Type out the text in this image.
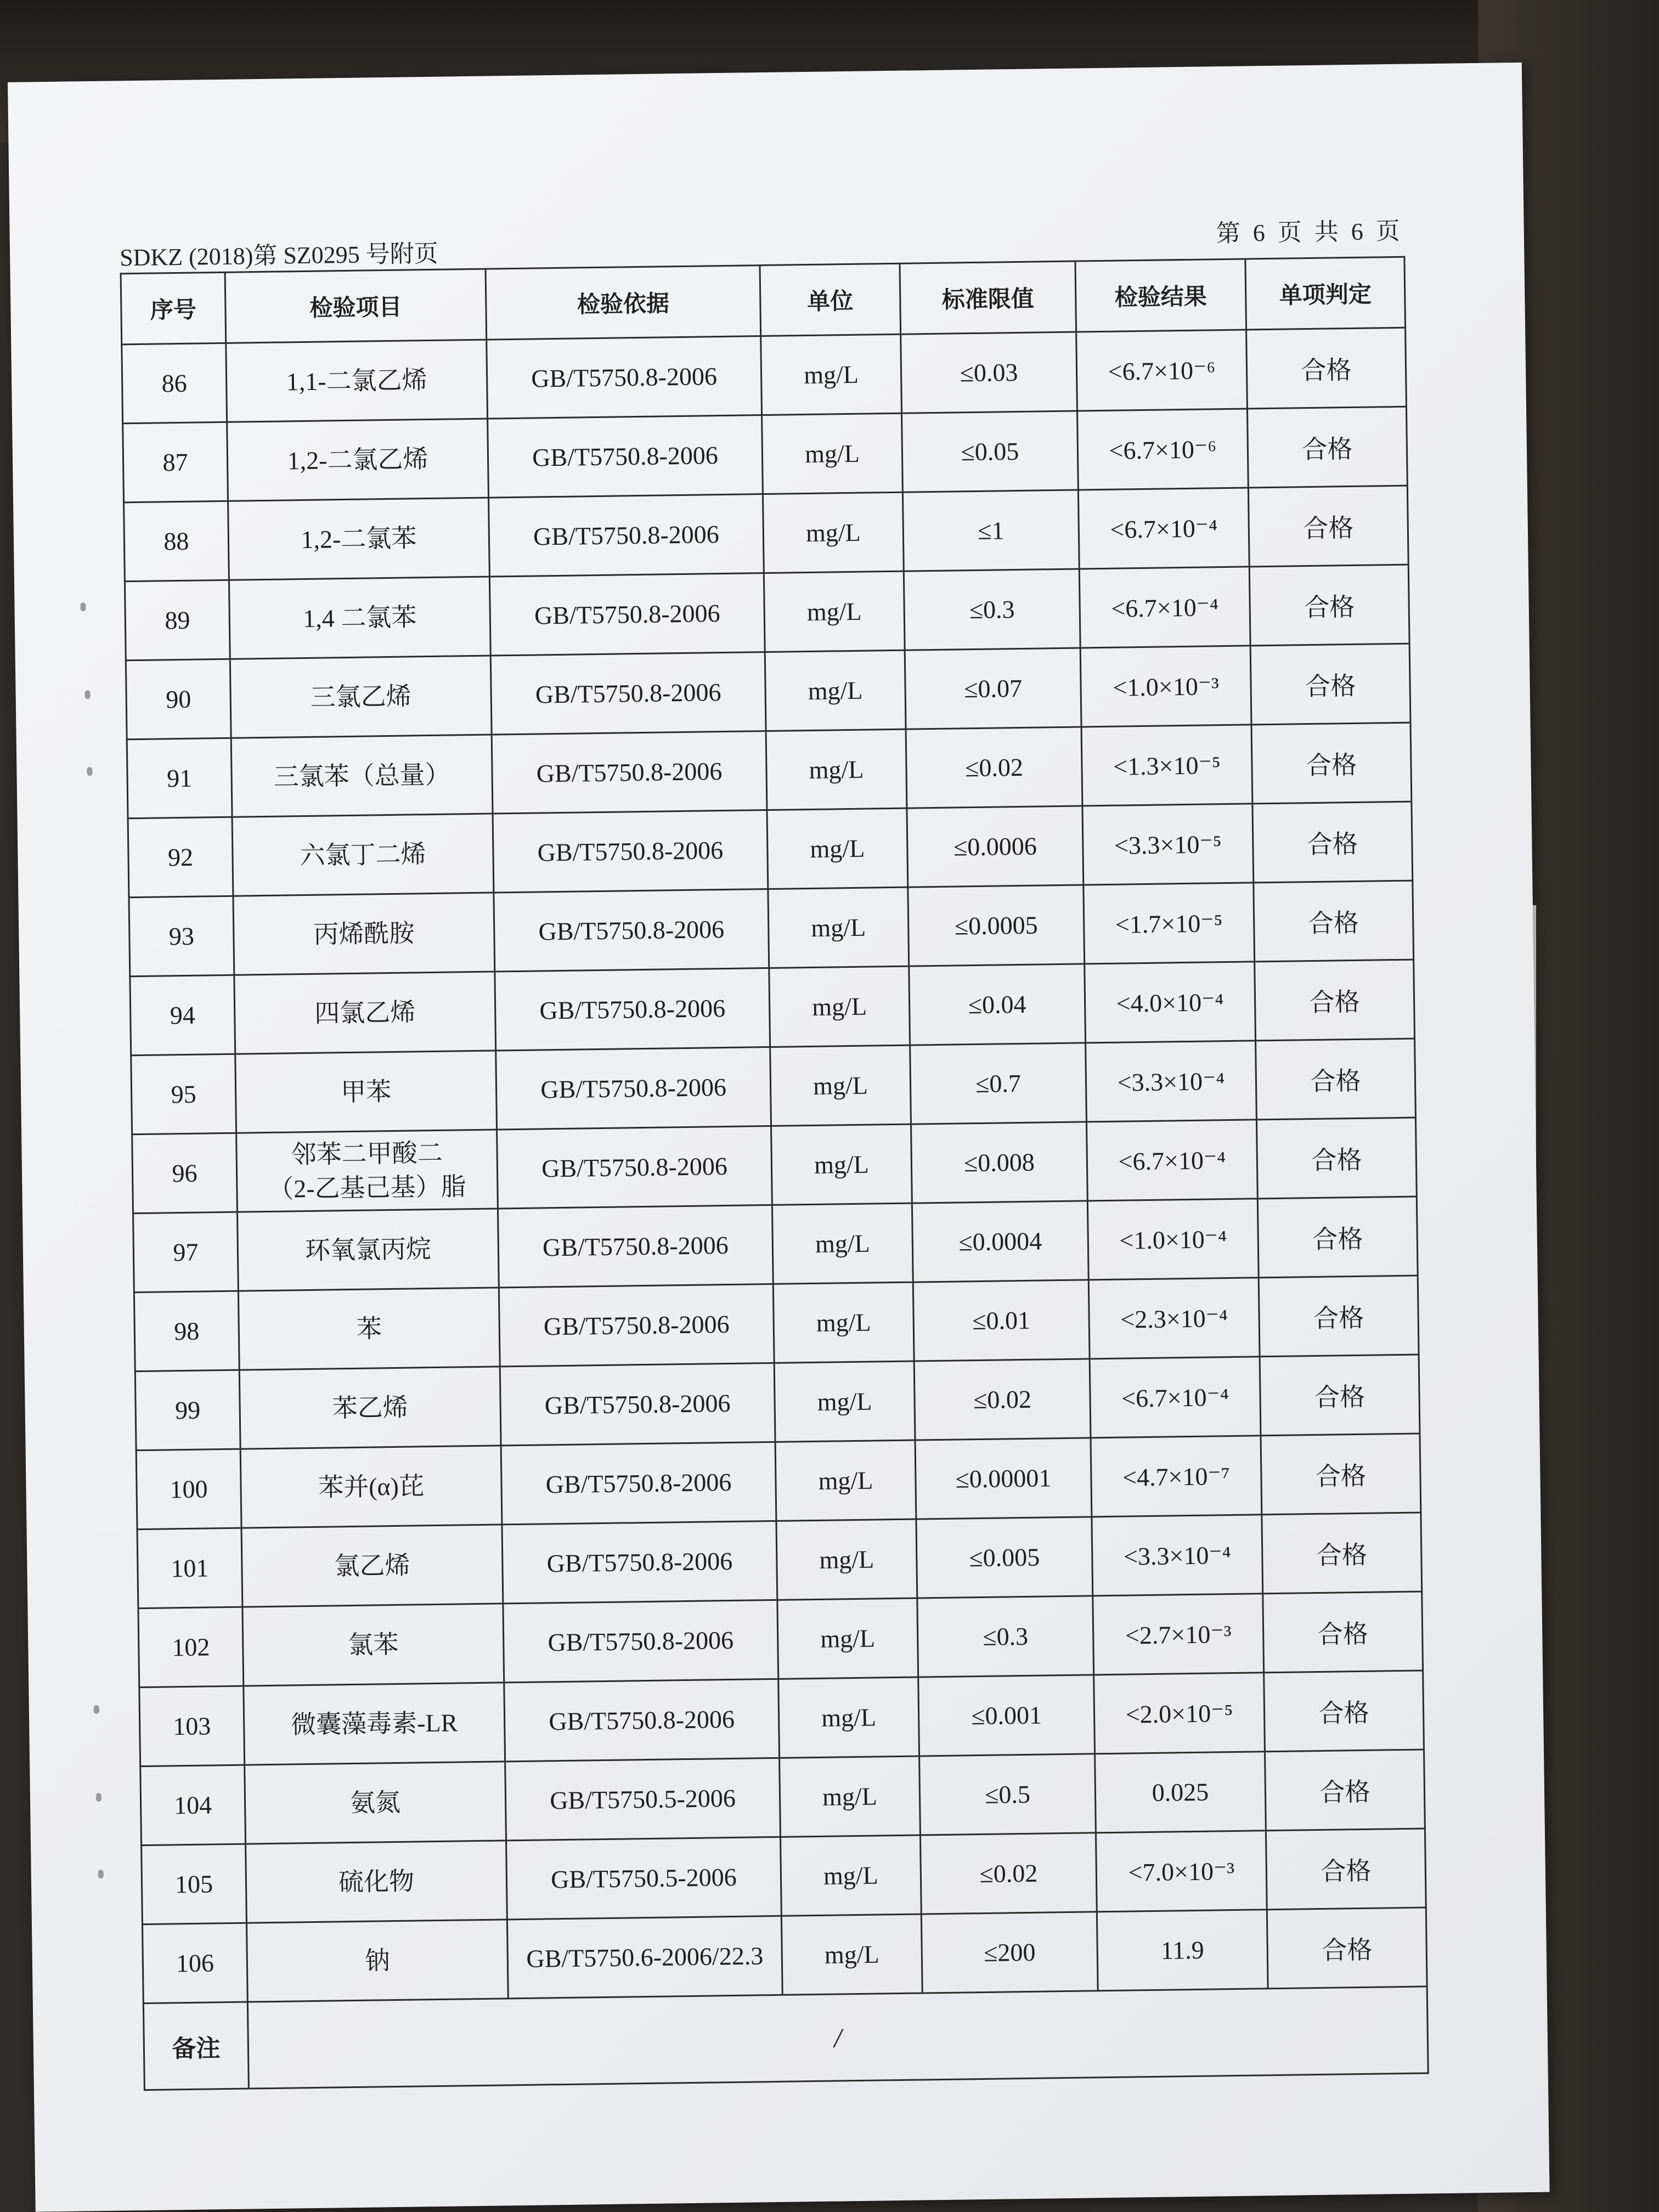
SDKZ (2018)第 SZ0295 号附页
第 6 页 共 6 页
序号	检验项目	检验依据	单位	标准限值	检验结果	单项判定
86	1,1-二氯乙烯	GB/T5750.8-2006	mg/L	≤0.03	<6.7×10⁻⁶	合格
87	1,2-二氯乙烯	GB/T5750.8-2006	mg/L	≤0.05	<6.7×10⁻⁶	合格
88	1,2-二氯苯	GB/T5750.8-2006	mg/L	≤1	<6.7×10⁻⁴	合格
89	1,4 二氯苯	GB/T5750.8-2006	mg/L	≤0.3	<6.7×10⁻⁴	合格
90	三氯乙烯	GB/T5750.8-2006	mg/L	≤0.07	<1.0×10⁻³	合格
91	三氯苯（总量）	GB/T5750.8-2006	mg/L	≤0.02	<1.3×10⁻⁵	合格
92	六氯丁二烯	GB/T5750.8-2006	mg/L	≤0.0006	<3.3×10⁻⁵	合格
93	丙烯酰胺	GB/T5750.8-2006	mg/L	≤0.0005	<1.7×10⁻⁵	合格
94	四氯乙烯	GB/T5750.8-2006	mg/L	≤0.04	<4.0×10⁻⁴	合格
95	甲苯	GB/T5750.8-2006	mg/L	≤0.7	<3.3×10⁻⁴	合格
96	邻苯二甲酸二
（2-乙基己基）脂	GB/T5750.8-2006	mg/L	≤0.008	<6.7×10⁻⁴	合格
97	环氧氯丙烷	GB/T5750.8-2006	mg/L	≤0.0004	<1.0×10⁻⁴	合格
98	苯	GB/T5750.8-2006	mg/L	≤0.01	<2.3×10⁻⁴	合格
99	苯乙烯	GB/T5750.8-2006	mg/L	≤0.02	<6.7×10⁻⁴	合格
100	苯并(α)芘	GB/T5750.8-2006	mg/L	≤0.00001	<4.7×10⁻⁷	合格
101	氯乙烯	GB/T5750.8-2006	mg/L	≤0.005	<3.3×10⁻⁴	合格
102	氯苯	GB/T5750.8-2006	mg/L	≤0.3	<2.7×10⁻³	合格
103	微囊藻毒素-LR	GB/T5750.8-2006	mg/L	≤0.001	<2.0×10⁻⁵	合格
104	氨氮	GB/T5750.5-2006	mg/L	≤0.5	0.025	合格
105	硫化物	GB/T5750.5-2006	mg/L	≤0.02	<7.0×10⁻³	合格
106	钠	GB/T5750.6-2006/22.3	mg/L	≤200	11.9	合格
备注	/					
